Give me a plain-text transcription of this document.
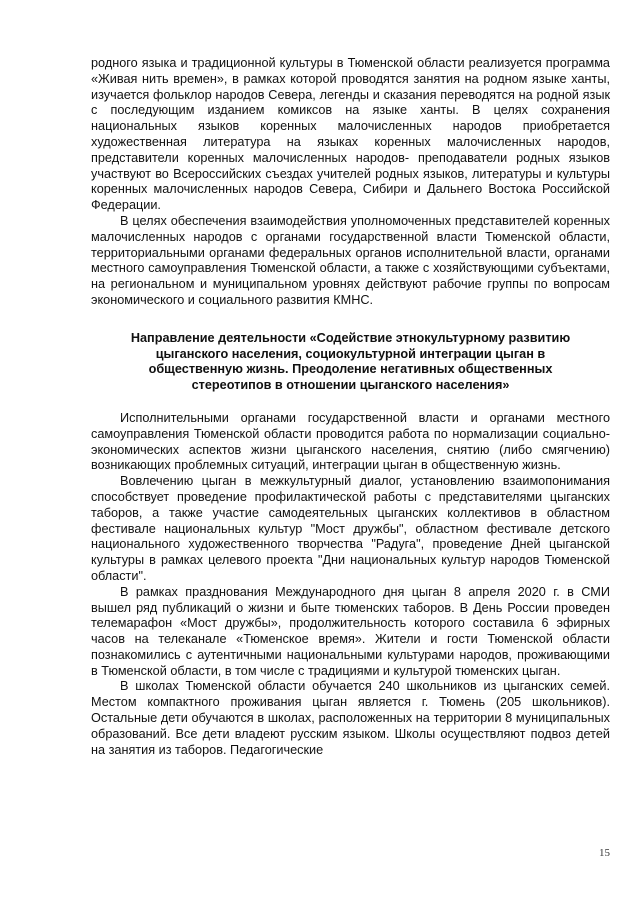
родного языка и традиционной культуры в Тюменской области реализуется программа «Живая нить времен», в рамках которой проводятся занятия на родном языке ханты, изучается фольклор народов Севера, легенды и сказания переводятся на родной язык с последующим изданием комиксов на языке ханты. В целях сохранения национальных языков коренных малочисленных народов приобретается художественная литература на языках коренных малочисленных народов, представители коренных малочисленных народов- преподаватели родных языков участвуют во Всероссийских съездах учителей родных языков, литературы и культуры коренных малочисленных народов Севера, Сибири и Дальнего Востока Российской Федерации.

В целях обеспечения взаимодействия уполномоченных представителей коренных малочисленных народов с органами государственной власти Тюменской области, территориальными органами федеральных органов исполнительной власти, органами местного самоуправления Тюменской области, а также с хозяйствующими субъектами, на региональном и муниципальном уровнях действуют рабочие группы по вопросам экономического и социального развития КМНС.

Направление деятельности «Содействие этнокультурному развитию
цыганского населения, социокультурной интеграции цыган в
общественную жизнь. Преодоление негативных общественных
стереотипов в отношении цыганского населения»

Исполнительными органами государственной власти и органами местного самоуправления Тюменской области проводится работа по нормализации социально-экономических аспектов жизни цыганского населения, снятию (либо смягчению) возникающих проблемных ситуаций, интеграции цыган в общественную жизнь.

Вовлечению цыган в межкультурный диалог, установлению взаимопонимания способствует проведение профилактической работы с представителями цыганских таборов, а также участие самодеятельных цыганских коллективов в областном фестивале национальных культур "Мост дружбы", областном фестивале детского национального художественного творчества "Радуга", проведение Дней цыганской культуры в рамках целевого проекта "Дни национальных культур народов Тюменской области".

В рамках празднования Международного дня цыган 8 апреля 2020 г. в СМИ вышел ряд публикаций о жизни и быте тюменских таборов. В День России проведен телемарафон «Мост дружбы», продолжительность которого составила 6 эфирных часов на телеканале «Тюменское время». Жители и гости Тюменской области познакомились с аутентичными национальными культурами народов, проживающими в Тюменской области, в том числе с традициями и культурой тюменских цыган.

В школах Тюменской области обучается 240 школьников из цыганских семей. Местом компактного проживания цыган является г. Тюмень (205 школьников). Остальные дети обучаются в школах, расположенных на территории 8 муниципальных образований. Все дети владеют русским языком. Школы осуществляют подвоз детей на занятия из таборов. Педагогические

15
